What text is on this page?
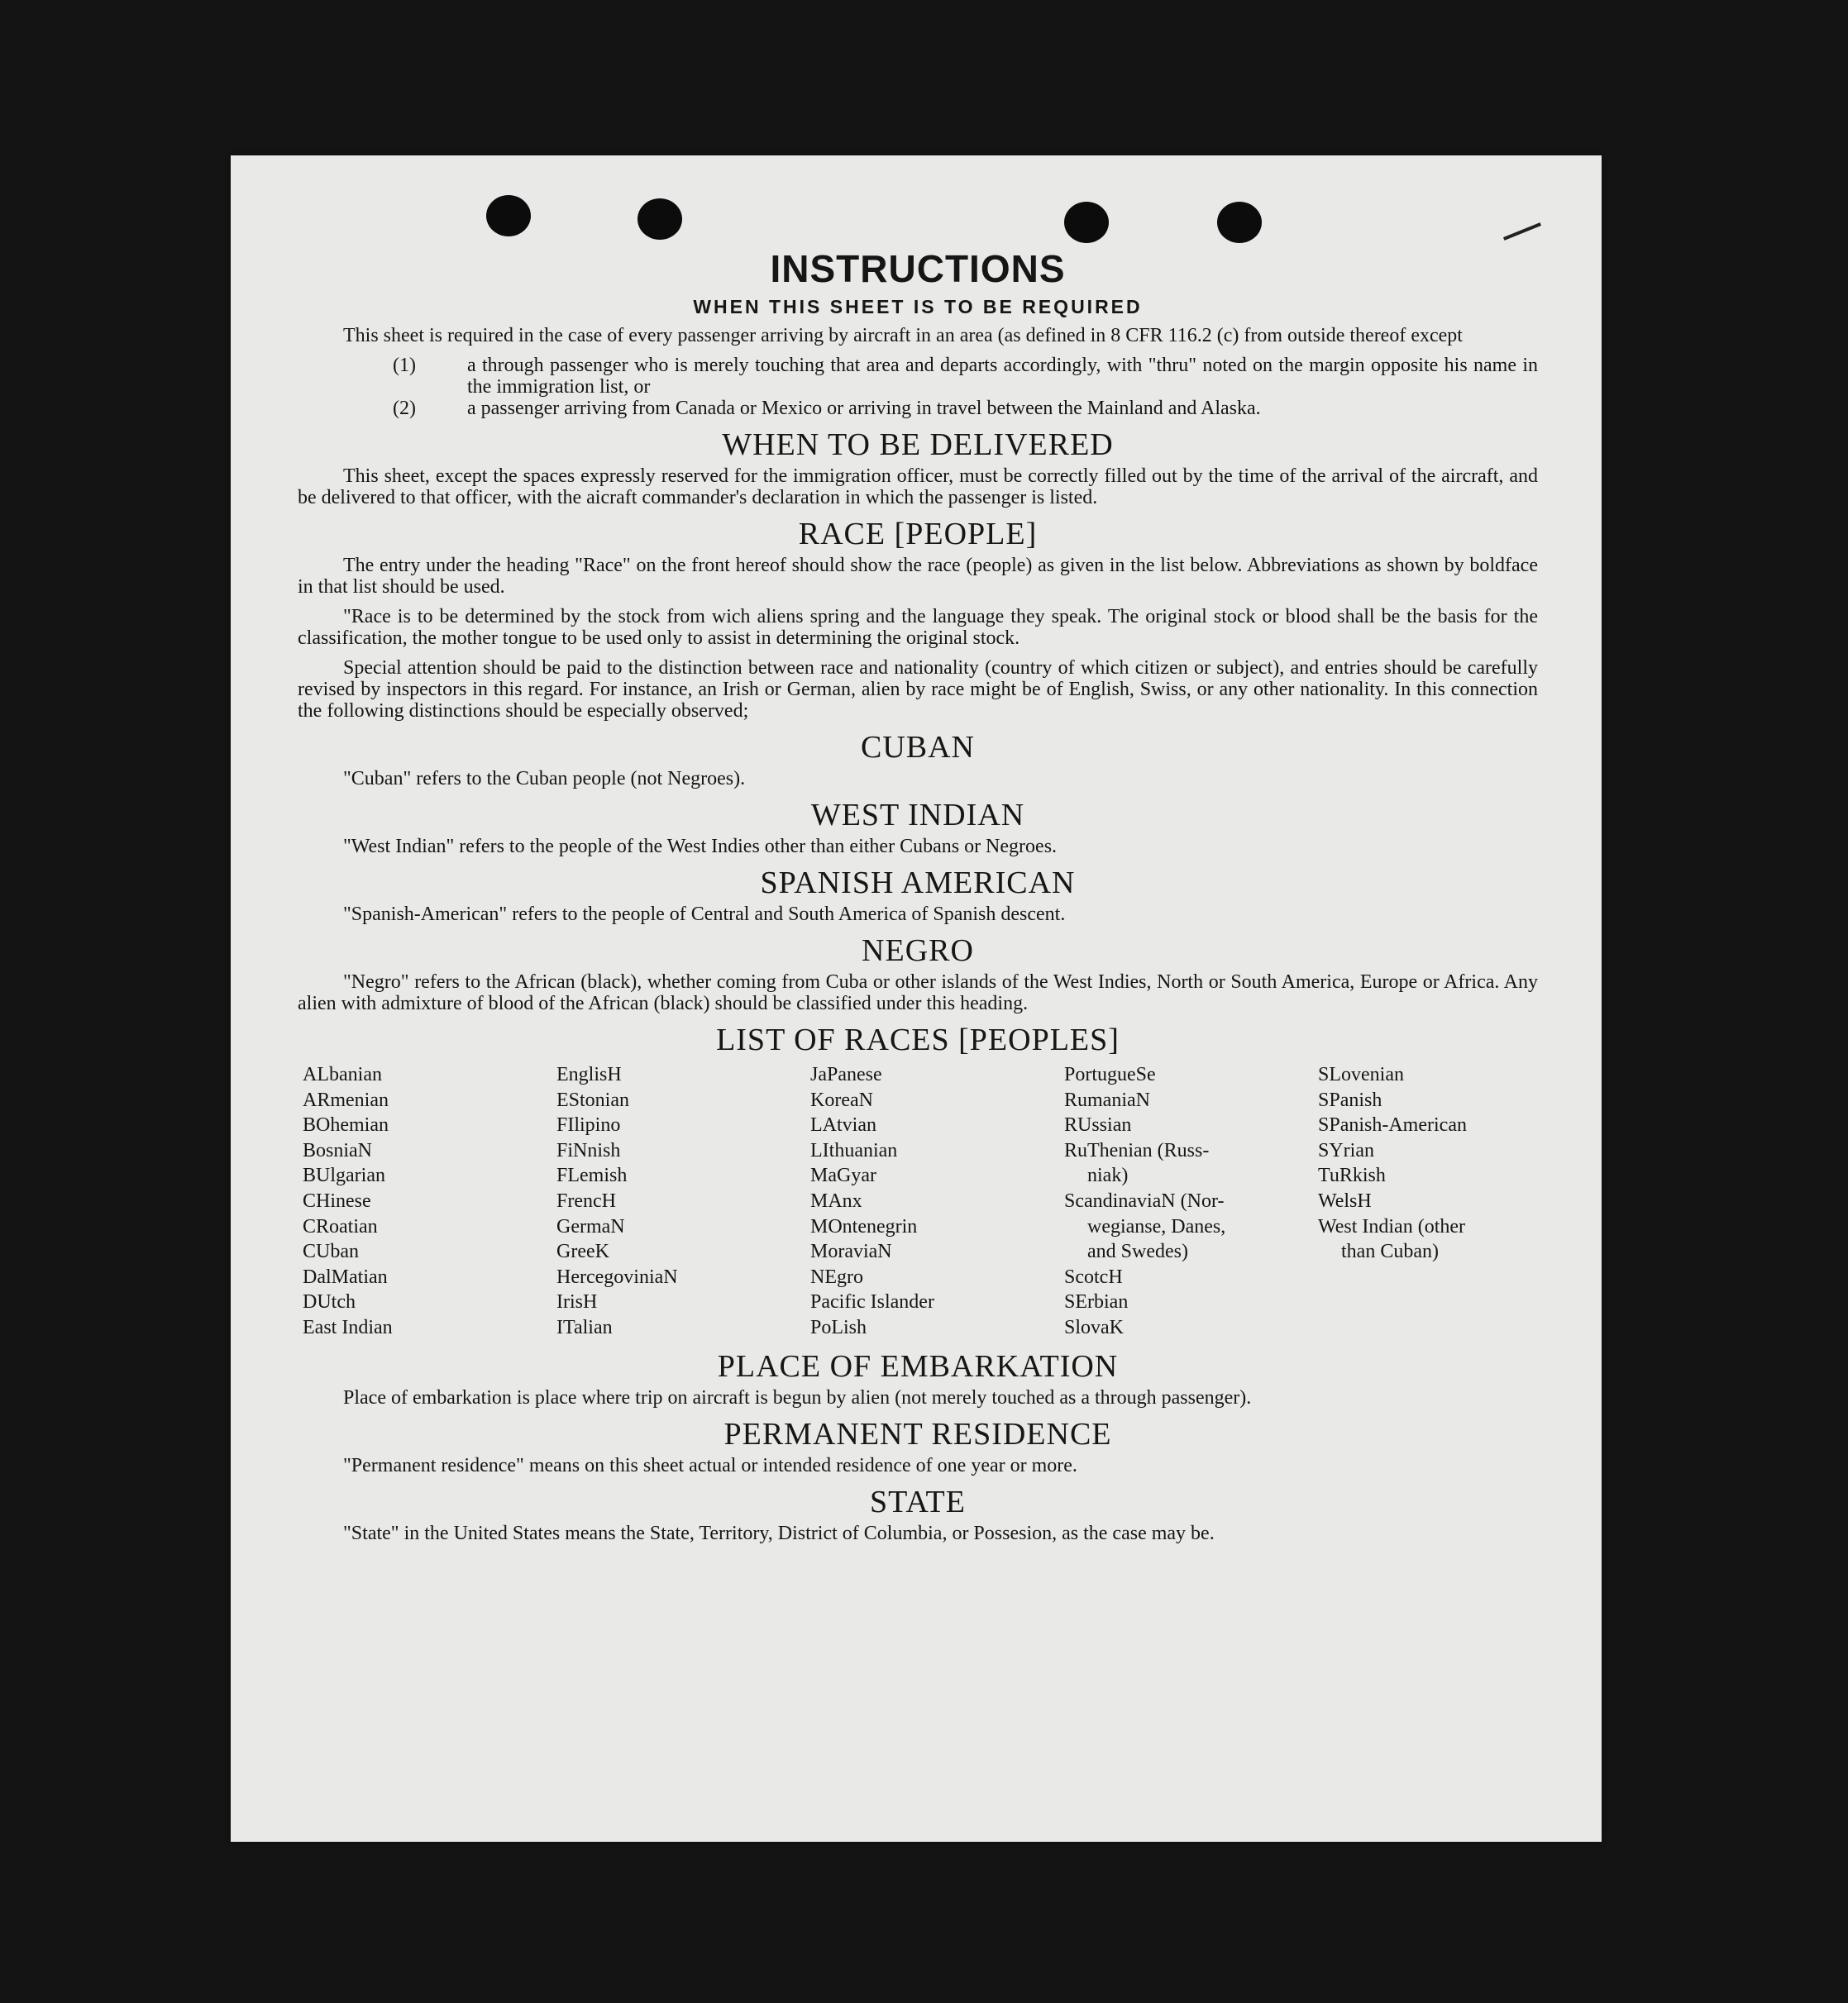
INSTRUCTIONS
WHEN THIS SHEET IS TO BE REQUIRED

This sheet is required in the case of every passenger arriving by aircraft in an area (as defined in 8 CFR 116.2 (c) from outside thereof except

(1)	a through passenger who is merely touching that area and departs accordingly, with "thru" noted on the margin opposite his name in the immigration list, or
(2)	a passenger arriving from Canada or Mexico or arriving in travel between the Mainland and Alaska.
WHEN TO BE DELIVERED

This sheet, except the spaces expressly reserved for the immigration officer, must be correctly filled out by the time of the arrival of the aircraft, and be delivered to that officer, with the aicraft commander's declaration in which the passenger is listed.

RACE [PEOPLE]

The entry under the heading "Race" on the front hereof should show the race (people) as given in the list below. Abbreviations as shown by boldface in that list should be used.

"Race is to be determined by the stock from wich aliens spring and the language they speak. The original stock or blood shall be the basis for the classification, the mother tongue to be used only to assist in determining the original stock.

Special attention should be paid to the distinction between race and nationality (country of which citizen or subject), and entries should be carefully revised by inspectors in this regard. For instance, an Irish or German, alien by race might be of English, Swiss, or any other nationality. In this connection the following distinctions should be especially observed;

CUBAN

"Cuban" refers to the Cuban people (not Negroes).

WEST INDIAN

"West Indian" refers to the people of the West Indies other than either Cubans or Negroes.

SPANISH AMERICAN

"Spanish-American" refers to the people of Central and South America of Spanish descent.

NEGRO

"Negro" refers to the African (black), whether coming from Cuba or other islands of the West Indies, North or South America, Europe or Africa. Any alien with admixture of blood of the African (black) should be classified under this heading.

LIST OF RACES [PEOPLES]
ALbanian
ARmenian
BOhemian
BosniaN
BUlgarian
CHinese
CRoatian
CUban
DalMatian
DUtch
East Indian
EnglisH
EStonian
FIlipino
FiNnish
FLemish
FrencH
GermaN
GreeK
HercegoviniaN
IrisH
ITalian
JaPanese
KoreaN
LAtvian
LIthuanian
MaGyar
MAnx
MOntenegrin
MoraviaN
NEgro
Pacific Islander
PoLish
PortugueSe
RumaniaN
RUssian
RuThenian (Russ-
niak)
ScandinaviaN (Nor-
wegianse, Danes,
and Swedes)
ScotcH
SErbian
SlovaK
SLovenian
SPanish
SPanish-American
SYrian
TuRkish
WelsH
West Indian (other
than Cuban)
PLACE OF EMBARKATION

Place of embarkation is place where trip on aircraft is begun by alien (not merely touched as a through passenger).

PERMANENT RESIDENCE

"Permanent residence" means on this sheet actual or intended residence of one year or more.

STATE

"State" in the United States means the State, Territory, District of Columbia, or Possesion, as the case may be.
